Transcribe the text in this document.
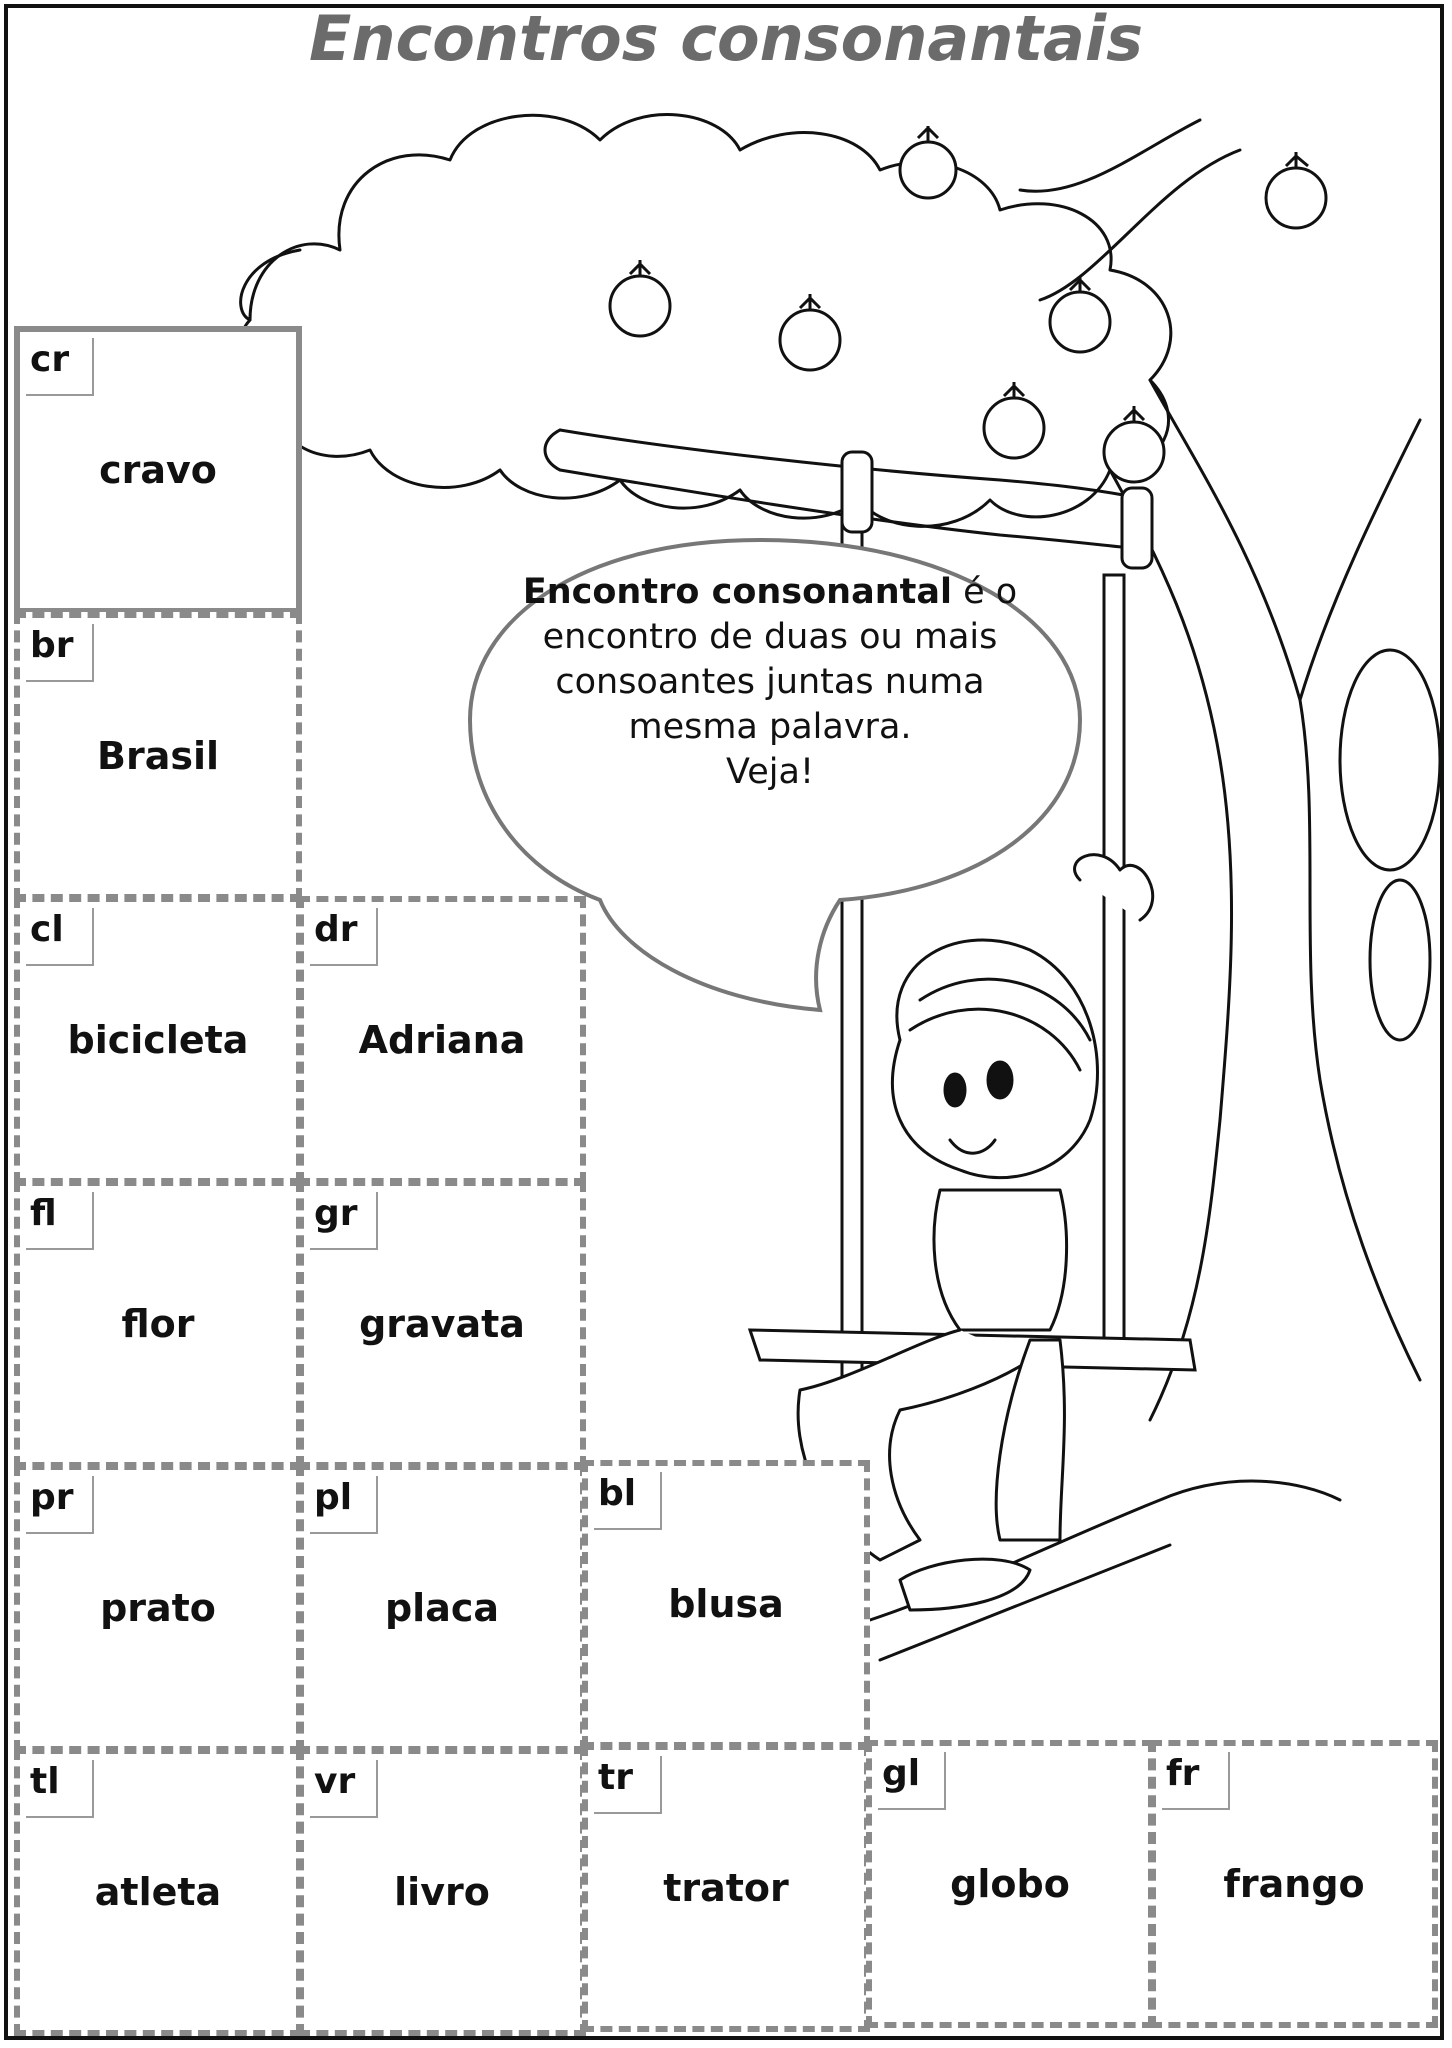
Encontros consonantais
Encontro consonantal é o encontro de duas ou mais consoantes juntas numa mesma palavra.
Veja!
cr
cravo
br
Brasil
cl
bicicleta
dr
Adriana
fl
flor
gr
gravata
pr
prato
pl
placa
bl
blusa
tl
atleta
vr
livro
tr
trator
gl
globo
fr
frango
